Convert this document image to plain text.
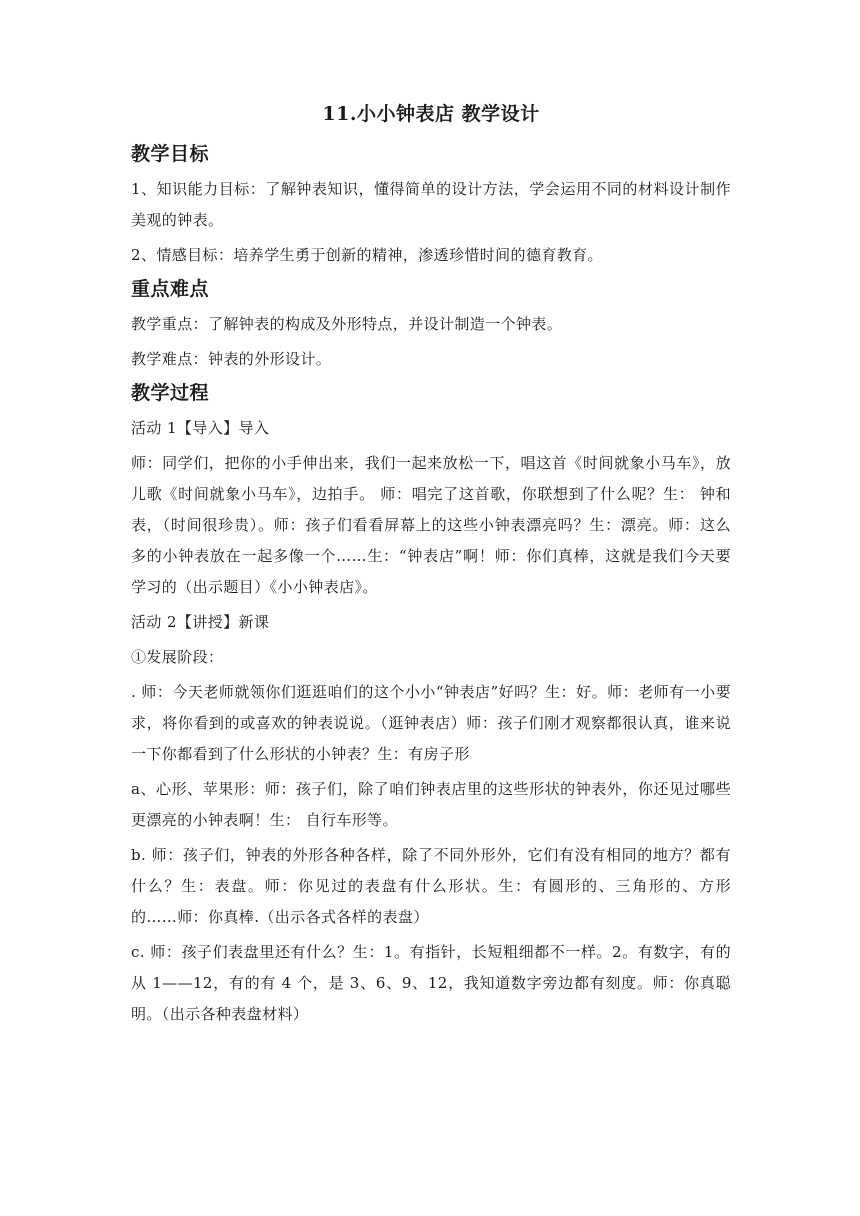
11.小小钟表店 教学设计
教学目标
1、知识能力目标：了解钟表知识，懂得简单的设计方法，学会运用不同的材料设计制作美观的钟表。
2、情感目标：培养学生勇于创新的精神，渗透珍惜时间的德育教育。
重点难点
教学重点：了解钟表的构成及外形特点，并设计制造一个钟表。
教学难点：钟表的外形设计。
教学过程
活动 1【导入】导入
师：同学们，把你的小手伸出来，我们一起来放松一下，唱这首《时间就象小马车》，放儿歌《时间就象小马车》，边拍手。 师：唱完了这首歌，你联想到了什么呢？生： 钟和表，（时间很珍贵）。师：孩子们看看屏幕上的这些小钟表漂亮吗？生：漂亮。师：这么多的小钟表放在一起多像一个……生：“钟表店”啊！师：你们真棒，这就是我们今天要学习的（出示题目）《小小钟表店》。
活动 2【讲授】新课
①发展阶段：
. 师：今天老师就领你们逛逛咱们的这个小小“钟表店”好吗？生：好。师：老师有一小要求，将你看到的或喜欢的钟表说说。（逛钟表店）师：孩子们刚才观察都很认真，谁来说一下你都看到了什么形状的小钟表？生：有房子形
a、心形、苹果形：师：孩子们，除了咱们钟表店里的这些形状的钟表外，你还见过哪些更漂亮的小钟表啊！生： 自行车形等。
b. 师：孩子们，钟表的外形各种各样，除了不同外形外，它们有没有相同的地方？都有什么？生：表盘。师：你见过的表盘有什么形状。生：有圆形的、三角形的、方形的……师：你真棒.（出示各式各样的表盘）
c. 师：孩子们表盘里还有什么？生：1。有指针，长短粗细都不一样。2。有数字，有的从 1——12，有的有 4 个，是 3、6、9、12，我知道数字旁边都有刻度。师：你真聪明。（出示各种表盘材料）
